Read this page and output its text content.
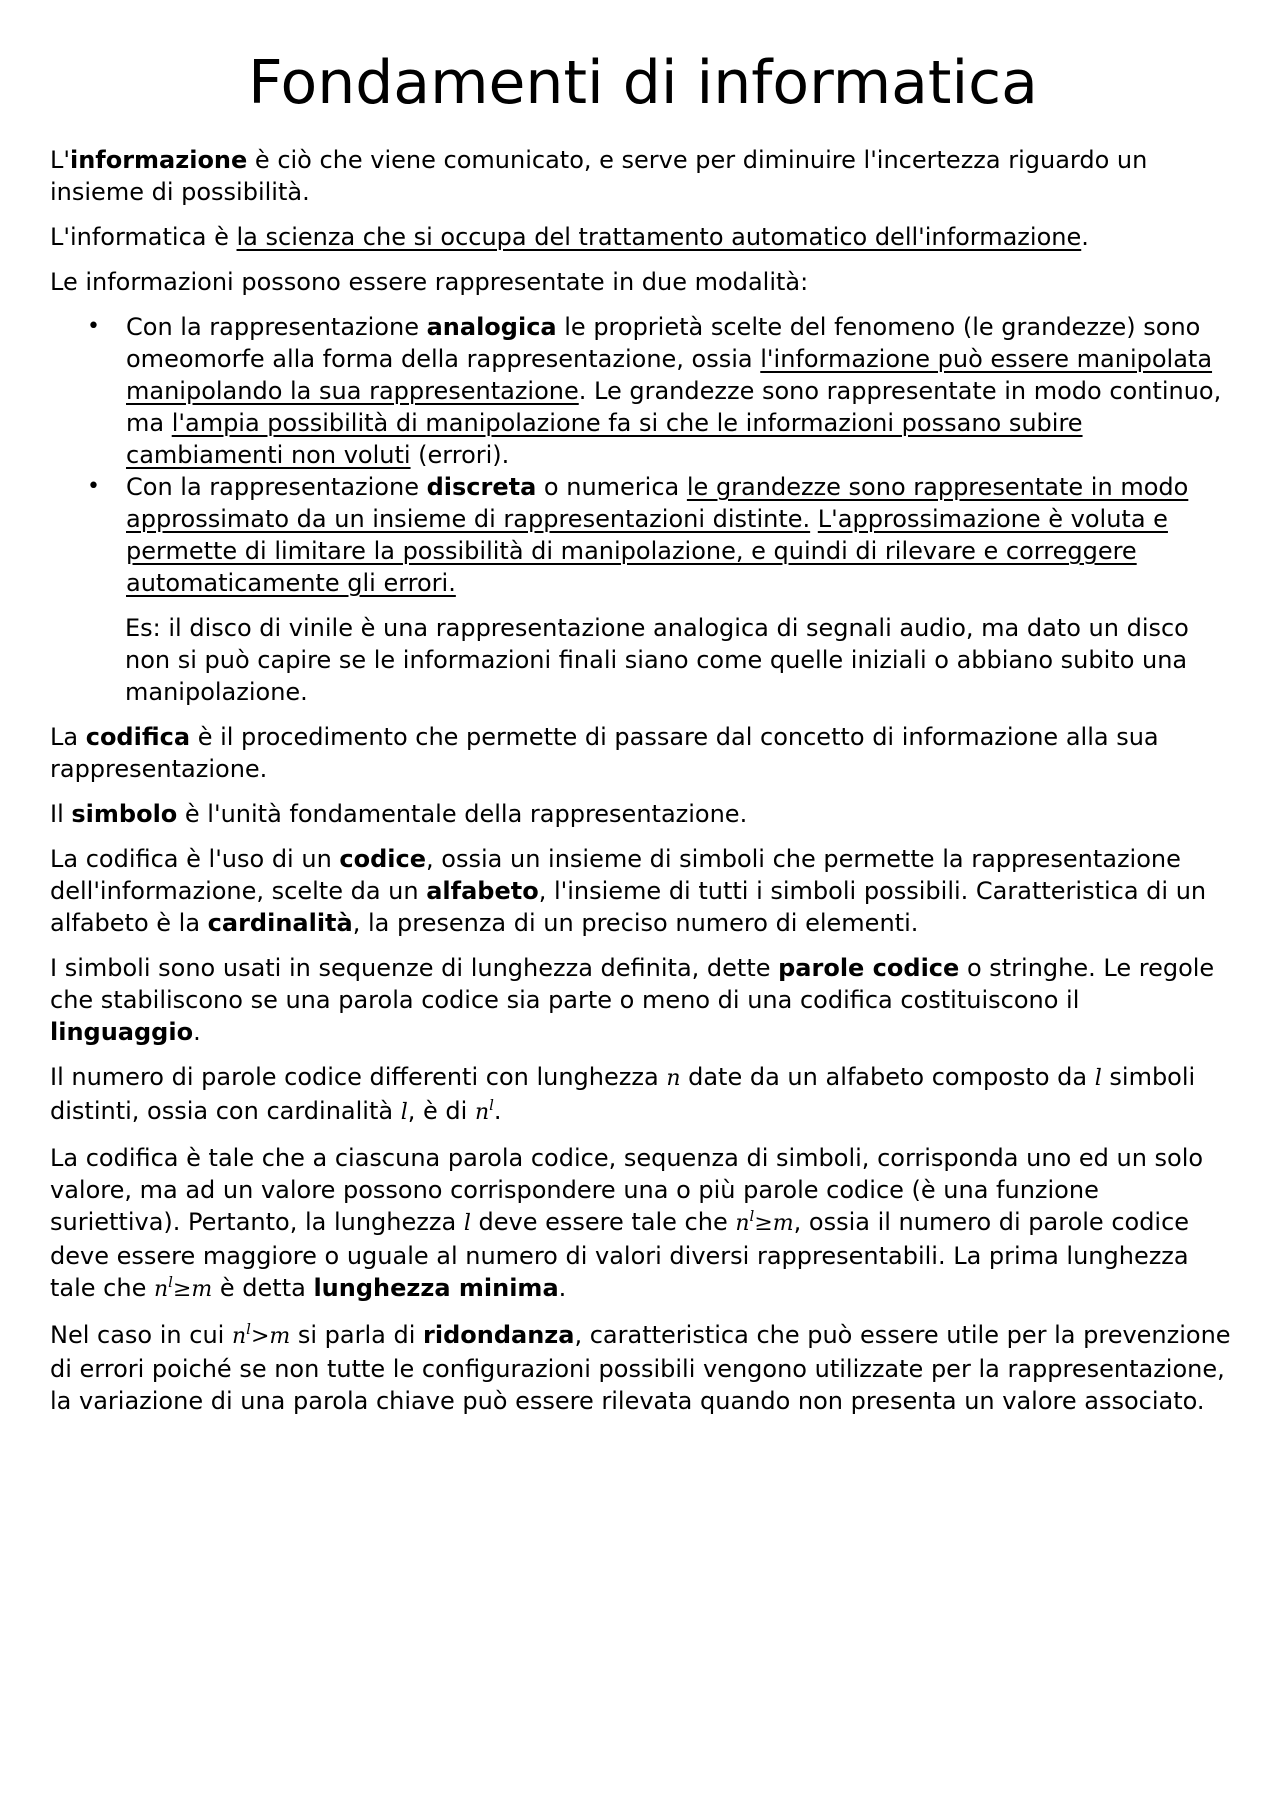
Fondamenti di informatica

L'informazione è ciò che viene comunicato, e serve per diminuire l'incertezza riguardo un insieme di possibilità.

L'informatica è la scienza che si occupa del trattamento automatico dell'informazione.

Le informazioni possono essere rappresentate in due modalità:

• Con la rappresentazione analogica le proprietà scelte del fenomeno (le grandezze) sono omeomorfe alla forma della rappresentazione, ossia l'informazione può essere manipolata manipolando la sua rappresentazione. Le grandezze sono rappresentate in modo continuo, ma l'ampia possibilità di manipolazione fa si che le informazioni possano subire cambiamenti non voluti (errori).
• Con la rappresentazione discreta o numerica le grandezze sono rappresentate in modo approssimato da un insieme di rappresentazioni distinte. L'approssimazione è voluta e permette di limitare la possibilità di manipolazione, e quindi di rilevare e correggere automaticamente gli errori.

Es: il disco di vinile è una rappresentazione analogica di segnali audio, ma dato un disco non si può capire se le informazioni finali siano come quelle iniziali o abbiano subito una manipolazione.

La codifica è il procedimento che permette di passare dal concetto di informazione alla sua rappresentazione.

Il simbolo è l'unità fondamentale della rappresentazione.

La codifica è l'uso di un codice, ossia un insieme di simboli che permette la rappresentazione dell'informazione, scelte da un alfabeto, l'insieme di tutti i simboli possibili. Caratteristica di un alfabeto è la cardinalità, la presenza di un preciso numero di elementi.

I simboli sono usati in sequenze di lunghezza definita, dette parole codice o stringhe. Le regole che stabiliscono se una parola codice sia parte o meno di una codifica costituiscono il linguaggio.

Il numero di parole codice differenti con lunghezza n date da un alfabeto composto da l simboli distinti, ossia con cardinalità l, è di $n^l$.

La codifica è tale che a ciascuna parola codice, sequenza di simboli, corrisponda uno ed un solo valore, ma ad un valore possono corrispondere una o più parole codice (è una funzione suriettiva). Pertanto, la lunghezza l deve essere tale che $n^l\ge m$, ossia il numero di parole codice deve essere maggiore o uguale al numero di valori diversi rappresentabili. La prima lunghezza tale che $n^l\ge m$ è detta lunghezza minima.

Nel caso in cui $n^l>m$ si parla di ridondanza, caratteristica che può essere utile per la prevenzione di errori poiché se non tutte le configurazioni possibili vengono utilizzate per la rappresentazione, la variazione di una parola chiave può essere rilevata quando non presenta un valore associato.
